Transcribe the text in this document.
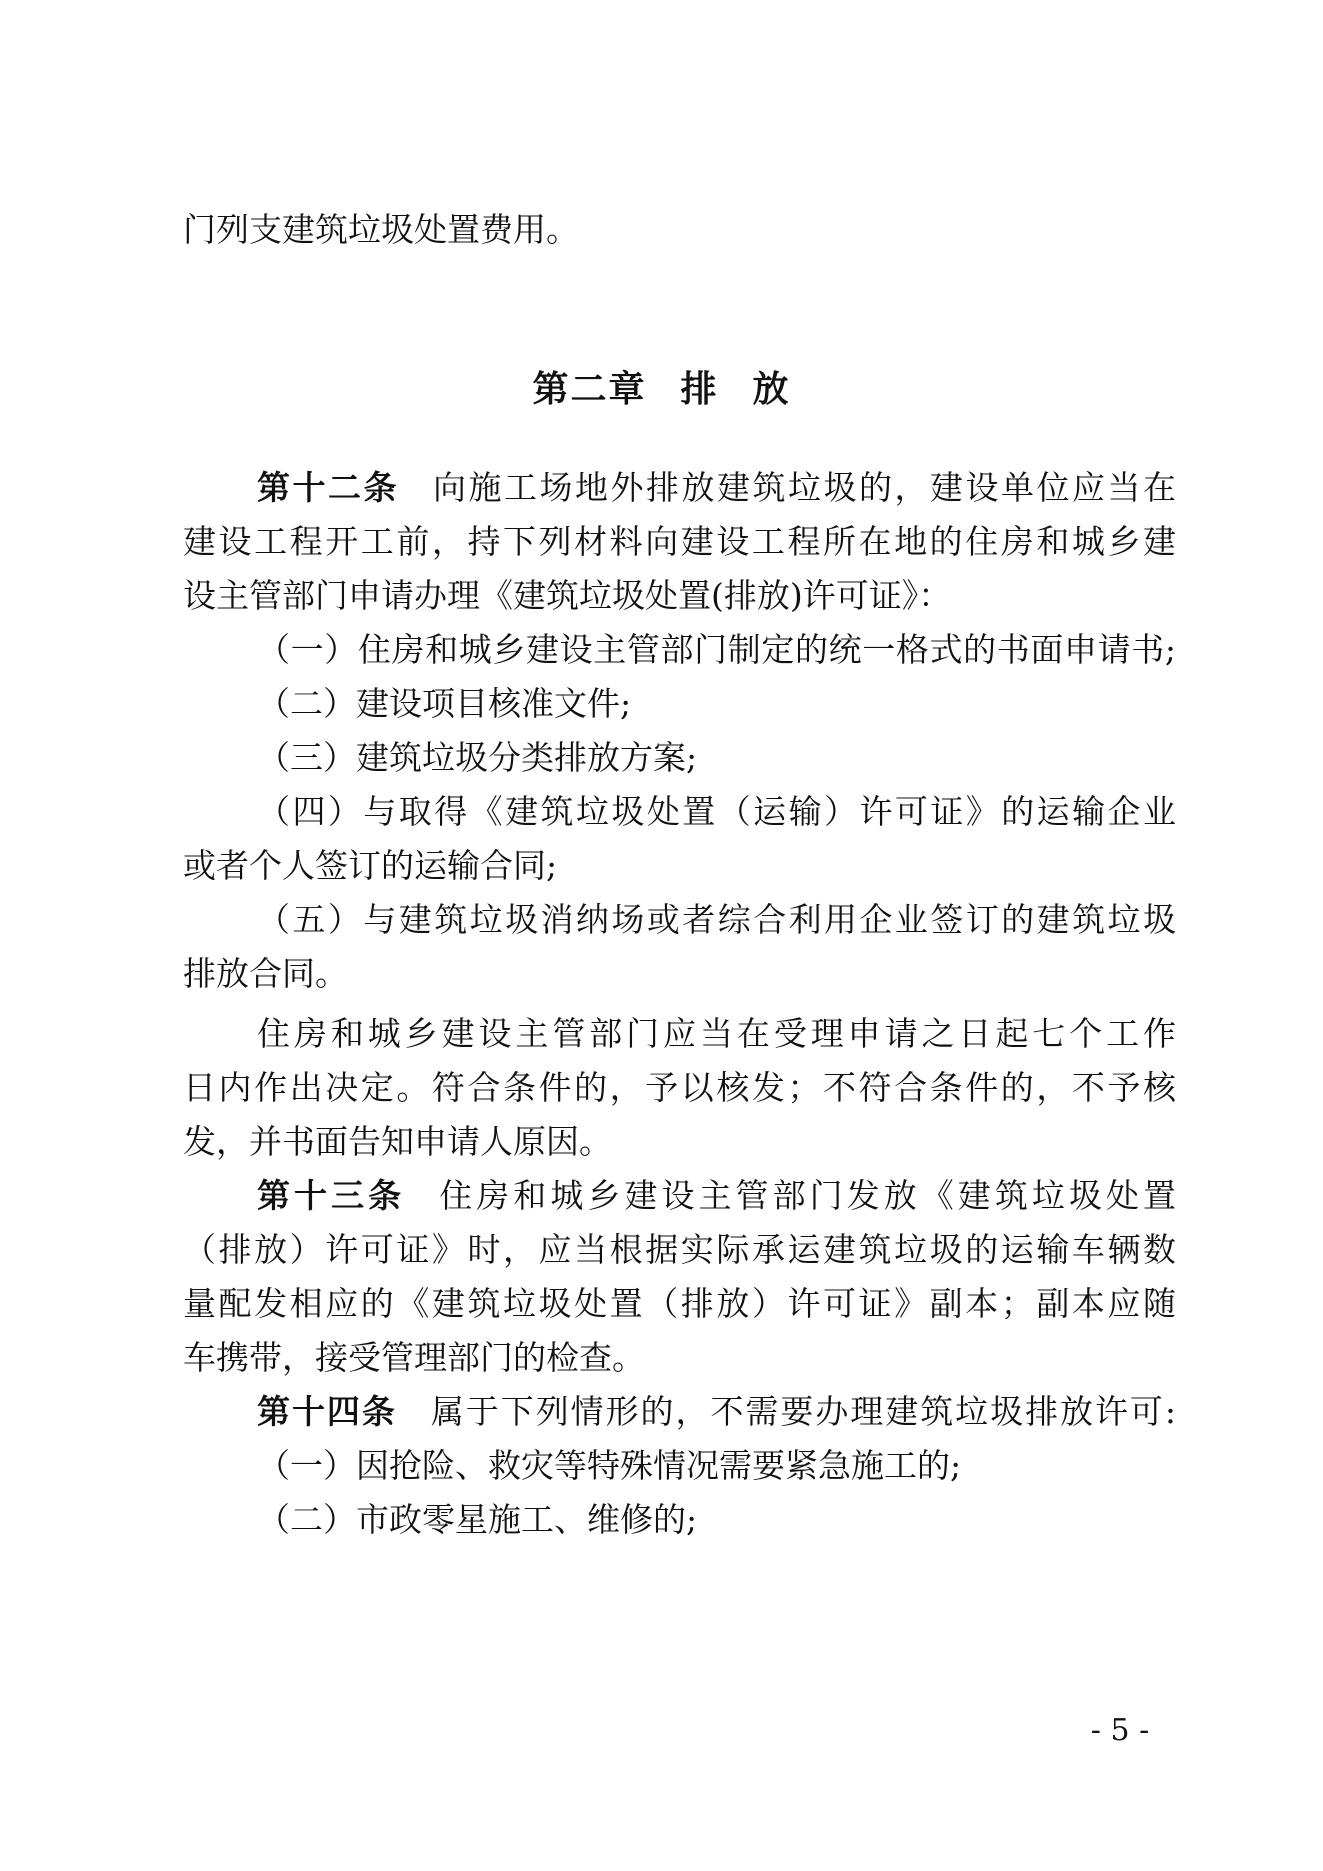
门列支建筑垃圾处置费用。
第二章 排 放
第十二条 向施工场地外排放建筑垃圾的，建设单位应当在
建设工程开工前，持下列材料向建设工程所在地的住房和城乡建
设主管部门申请办理《建筑垃圾处置(排放)许可证》：
（一）住房和城乡建设主管部门制定的统一格式的书面申请书;
（二）建设项目核准文件;
（三）建筑垃圾分类排放方案;
（四）与取得《建筑垃圾处置（运输）许可证》的运输企业
或者个人签订的运输合同;
（五）与建筑垃圾消纳场或者综合利用企业签订的建筑垃圾
排放合同。
住房和城乡建设主管部门应当在受理申请之日起七个工作
日内作出决定。符合条件的，予以核发；不符合条件的，不予核
发，并书面告知申请人原因。
第十三条 住房和城乡建设主管部门发放《建筑垃圾处置
（排放）许可证》时，应当根据实际承运建筑垃圾的运输车辆数
量配发相应的《建筑垃圾处置（排放）许可证》副本；副本应随
车携带，接受管理部门的检查。
第十四条 属于下列情形的，不需要办理建筑垃圾排放许可:
（一）因抢险、救灾等特殊情况需要紧急施工的;
（二）市政零星施工、维修的;
- 5 -
